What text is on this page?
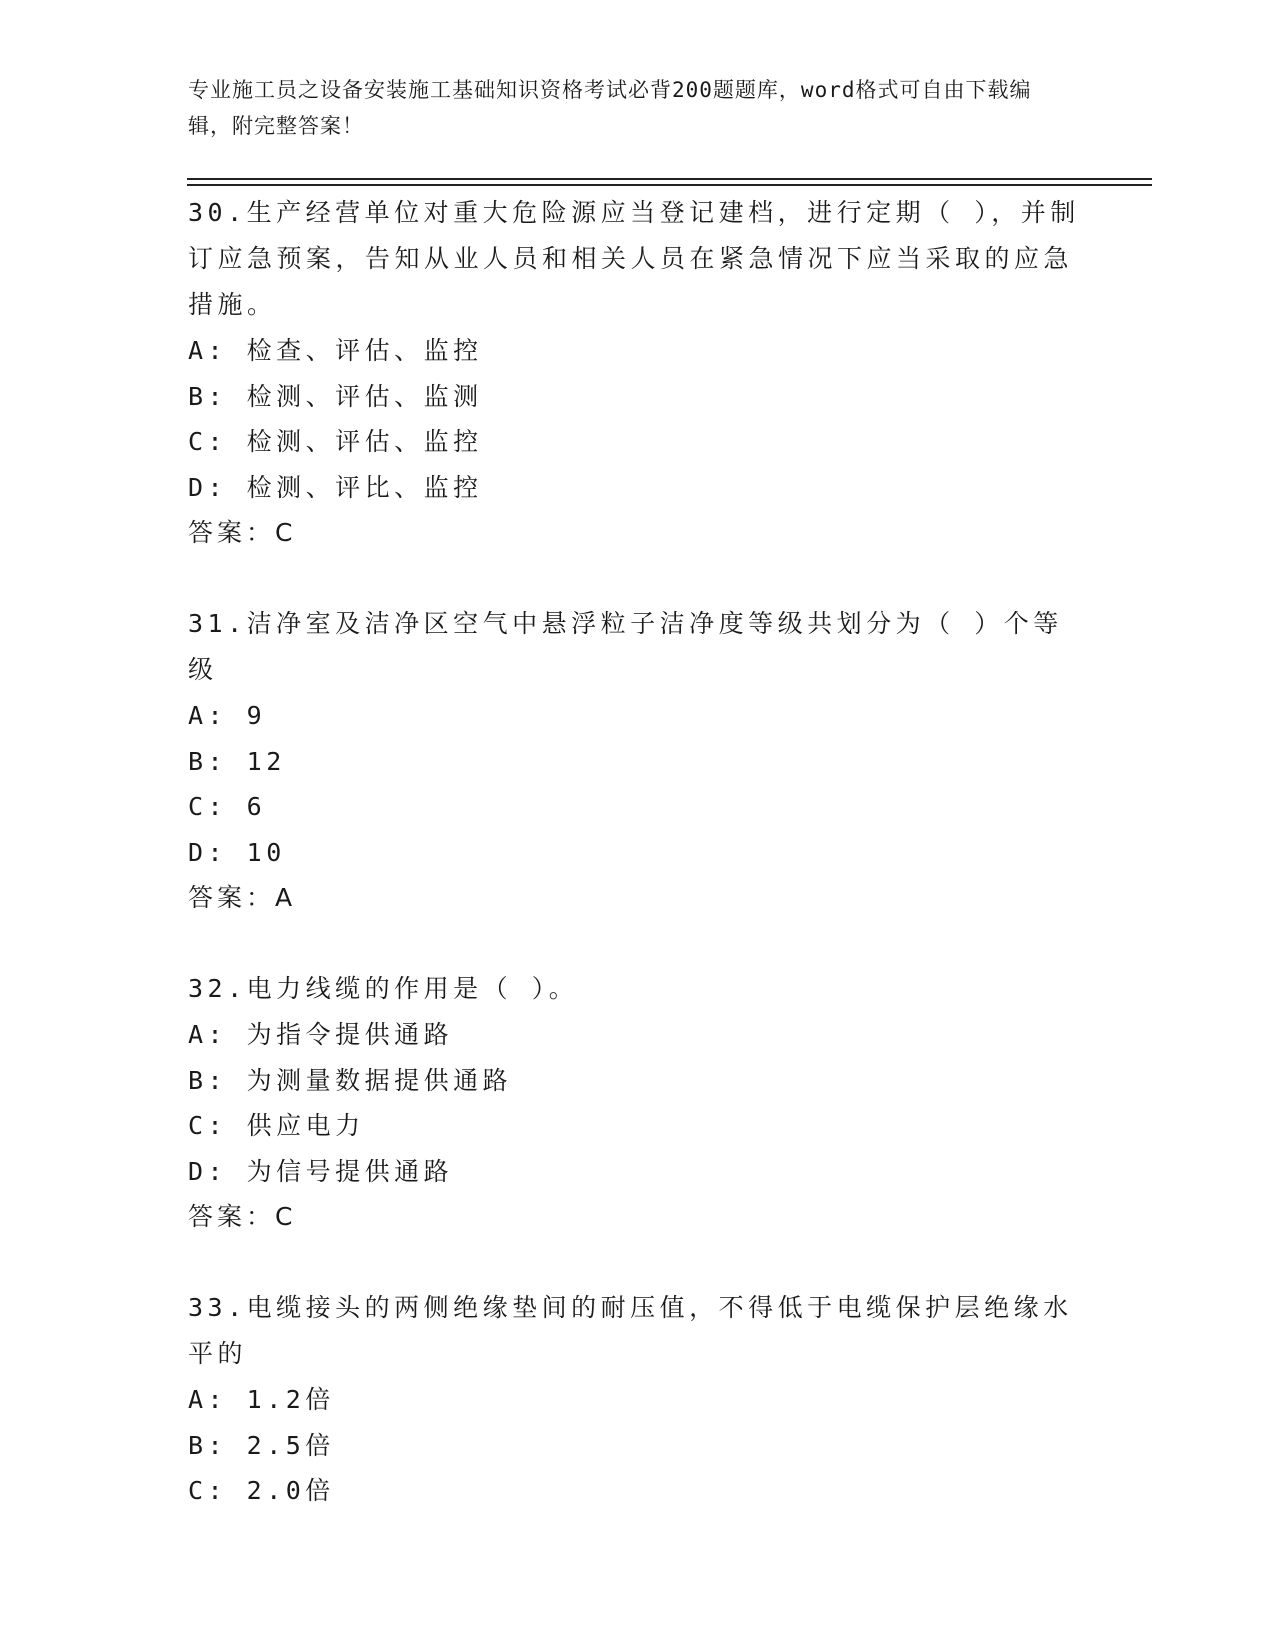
专业施工员之设备安装施工基础知识资格考试必背200题题库，word格式可自由下载编辑，附完整答案！

30.生产经营单位对重大危险源应当登记建档，进行定期（ ），并制订应急预案，告知从业人员和相关人员在紧急情况下应当采取的应急措施。

A: 检查、评估、监控

B: 检测、评估、监测

C: 检测、评估、监控

D: 检测、评比、监控

答案：C

31.洁净室及洁净区空气中悬浮粒子洁净度等级共划分为（ ）个等级

A: 9

B: 12

C: 6

D: 10

答案：A

32.电力线缆的作用是（ ）。

A: 为指令提供通路

B: 为测量数据提供通路

C: 供应电力

D: 为信号提供通路

答案：C

33.电缆接头的两侧绝缘垫间的耐压值，不得低于电缆保护层绝缘水平的

A: 1.2倍

B: 2.5倍

C: 2.0倍
